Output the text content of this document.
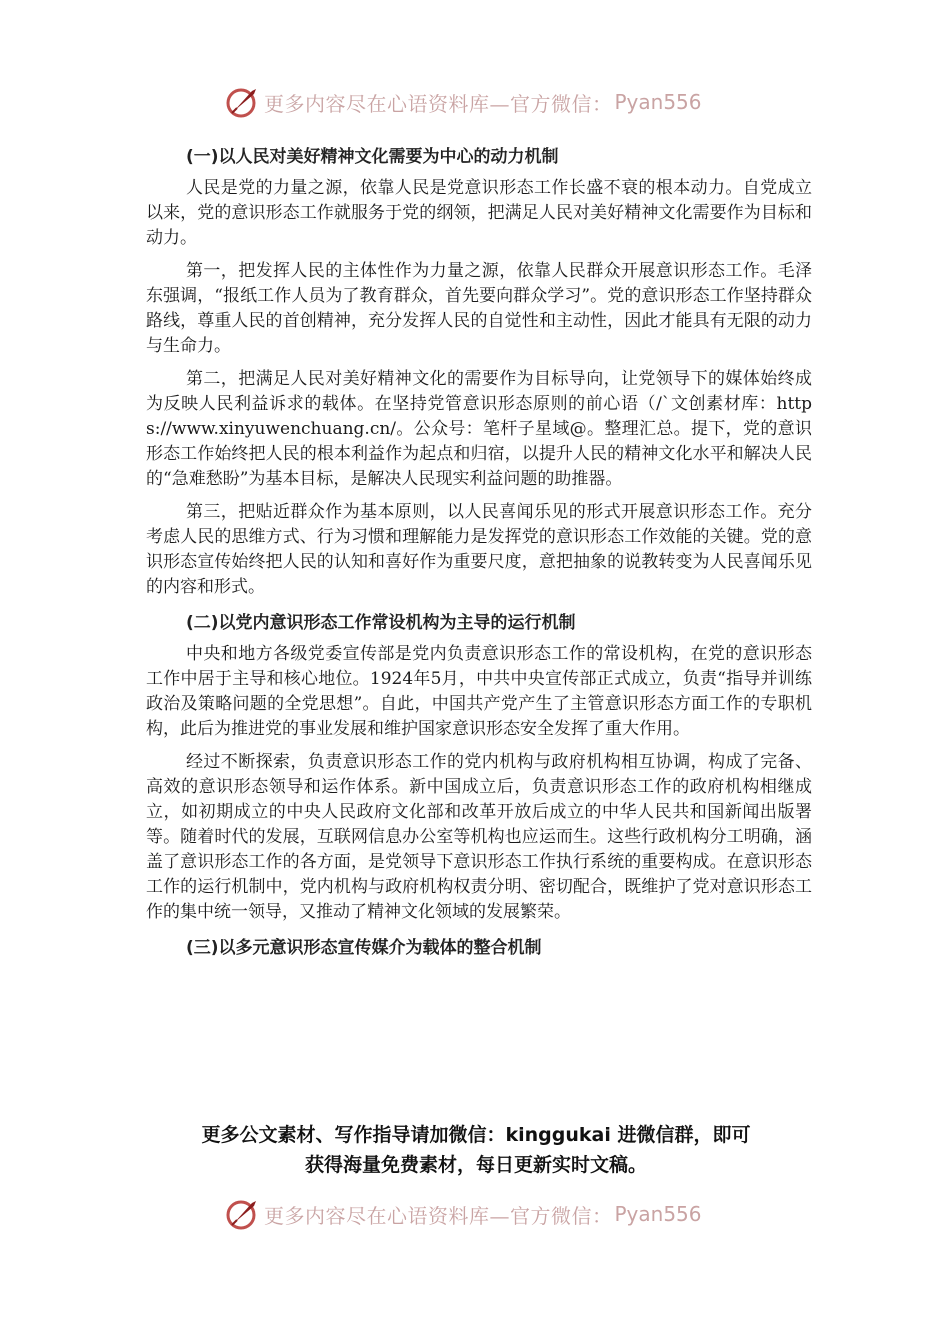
更多内容尽在心语资料库—官方微信： Pyan556
(一)以人民对美好精神文化需要为中心的动力机制

人民是党的力量之源，依靠人民是党意识形态工作长盛不衰的根本动力。自党成立以来，党的意识形态工作就服务于党的纲领，把满足人民对美好精神文化需要作为目标和动力。

第一，把发挥人民的主体性作为力量之源，依靠人民群众开展意识形态工作。毛泽东强调，“报纸工作人员为了教育群众，首先要向群众学习”。党的意识形态工作坚持群众路线，尊重人民的首创精神，充分发挥人民的自觉性和主动性，因此才能具有无限的动力与生命力。

第二，把满足人民对美好精神文化的需要作为目标导向，让党领导下的媒体始终成为反映人民利益诉求的载体。在坚持党管意识形态原则的前心语（/`文创素材库：https://www.xinyuwenchuang.cn/。公众号：笔杆子星域@。整理汇总。提下，党的意识形态工作始终把人民的根本利益作为起点和归宿，以提升人民的精神文化水平和解决人民的“急难愁盼”为基本目标，是解决人民现实利益问题的助推器。

第三，把贴近群众作为基本原则，以人民喜闻乐见的形式开展意识形态工作。充分考虑人民的思维方式、行为习惯和理解能力是发挥党的意识形态工作效能的关键。党的意识形态宣传始终把人民的认知和喜好作为重要尺度，意把抽象的说教转变为人民喜闻乐见的内容和形式。

(二)以党内意识形态工作常设机构为主导的运行机制

中央和地方各级党委宣传部是党内负责意识形态工作的常设机构，在党的意识形态工作中居于主导和核心地位。1924年5月，中共中央宣传部正式成立，负责“指导并训练政治及策略问题的全党思想”。自此，中国共产党产生了主管意识形态方面工作的专职机构，此后为推进党的事业发展和维护国家意识形态安全发挥了重大作用。

经过不断探索，负责意识形态工作的党内机构与政府机构相互协调，构成了完备、高效的意识形态领导和运作体系。新中国成立后，负责意识形态工作的政府机构相继成立，如初期成立的中央人民政府文化部和改革开放后成立的中华人民共和国新闻出版署等。随着时代的发展，互联网信息办公室等机构也应运而生。这些行政机构分工明确，涵盖了意识形态工作的各方面，是党领导下意识形态工作执行系统的重要构成。在意识形态工作的运行机制中，党内机构与政府机构权责分明、密切配合，既维护了党对意识形态工作的集中统一领导，又推动了精神文化领域的发展繁荣。

(三)以多元意识形态宣传媒介为载体的整合机制
更多公文素材、写作指导请加微信：kinggukai 进微信群，即可
获得海量免费素材，每日更新实时文稿。
更多内容尽在心语资料库—官方微信： Pyan556
